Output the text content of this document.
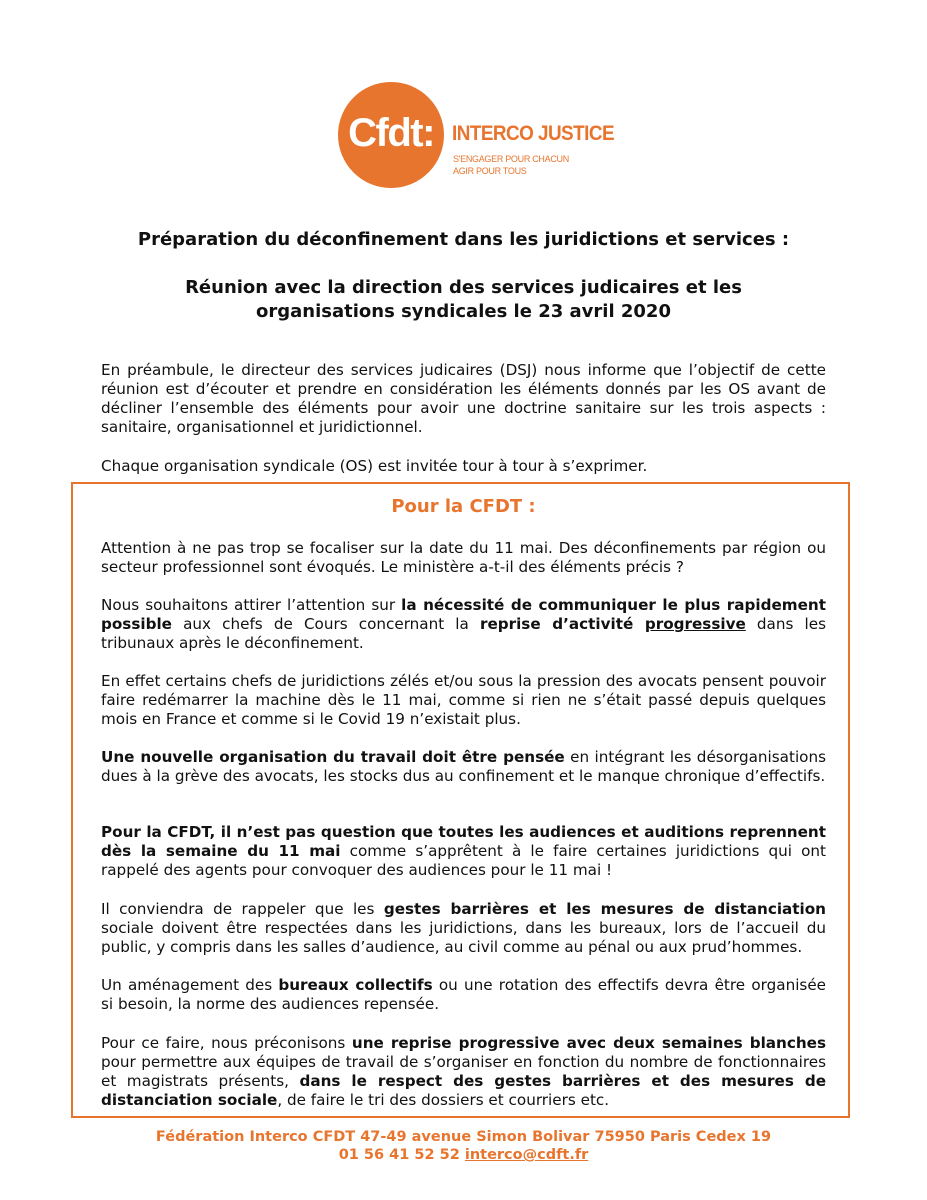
Cfdt: INTERCO JUSTICE
S'ENGAGER POUR CHACUN
AGIR POUR TOUS
Préparation du déconfinement dans les juridictions et services :
Réunion avec la direction des services judicaires et les
organisations syndicales le 23 avril 2020

En préambule, le directeur des services judicaires (DSJ) nous informe que l’objectif de cette réunion est d’écouter et prendre en considération les éléments donnés par les OS avant de décliner l’ensemble des éléments pour avoir une doctrine sanitaire sur les trois aspects : sanitaire, organisationnel et juridictionnel.

Chaque organisation syndicale (OS) est invitée tour à tour à s’exprimer.

Pour la CFDT :

Attention à ne pas trop se focaliser sur la date du 11 mai. Des déconfinements par région ou secteur professionnel sont évoqués. Le ministère a-t-il des éléments précis ?

Nous souhaitons attirer l’attention sur la nécessité de communiquer le plus rapidement possible aux chefs de Cours concernant la reprise d’activité progressive dans les tribunaux après le déconfinement.

En effet certains chefs de juridictions zélés et/ou sous la pression des avocats pensent pouvoir faire redémarrer la machine dès le 11 mai, comme si rien ne s’était passé depuis quelques mois en France et comme si le Covid 19 n’existait plus.

Une nouvelle organisation du travail doit être pensée en intégrant les désorganisations dues à la grève des avocats, les stocks dus au confinement et le manque chronique d’effectifs.

Pour la CFDT, il n’est pas question que toutes les audiences et auditions reprennent dès la semaine du 11 mai comme s’apprêtent à le faire certaines juridictions qui ont rappelé des agents pour convoquer des audiences pour le 11 mai !

Il conviendra de rappeler que les gestes barrières et les mesures de distanciation sociale doivent être respectées dans les juridictions, dans les bureaux, lors de l’accueil du public, y compris dans les salles d’audience, au civil comme au pénal ou aux prud’hommes.

Un aménagement des bureaux collectifs ou une rotation des effectifs devra être organisée si besoin, la norme des audiences repensée.

Pour ce faire, nous préconisons une reprise progressive avec deux semaines blanches pour permettre aux équipes de travail de s’organiser en fonction du nombre de fonctionnaires et magistrats présents, dans le respect des gestes barrières et des mesures de distanciation sociale, de faire le tri des dossiers et courriers etc.

Fédération Interco CFDT 47-49 avenue Simon Bolivar 75950 Paris Cedex 19
01 56 41 52 52 interco@cdft.fr
